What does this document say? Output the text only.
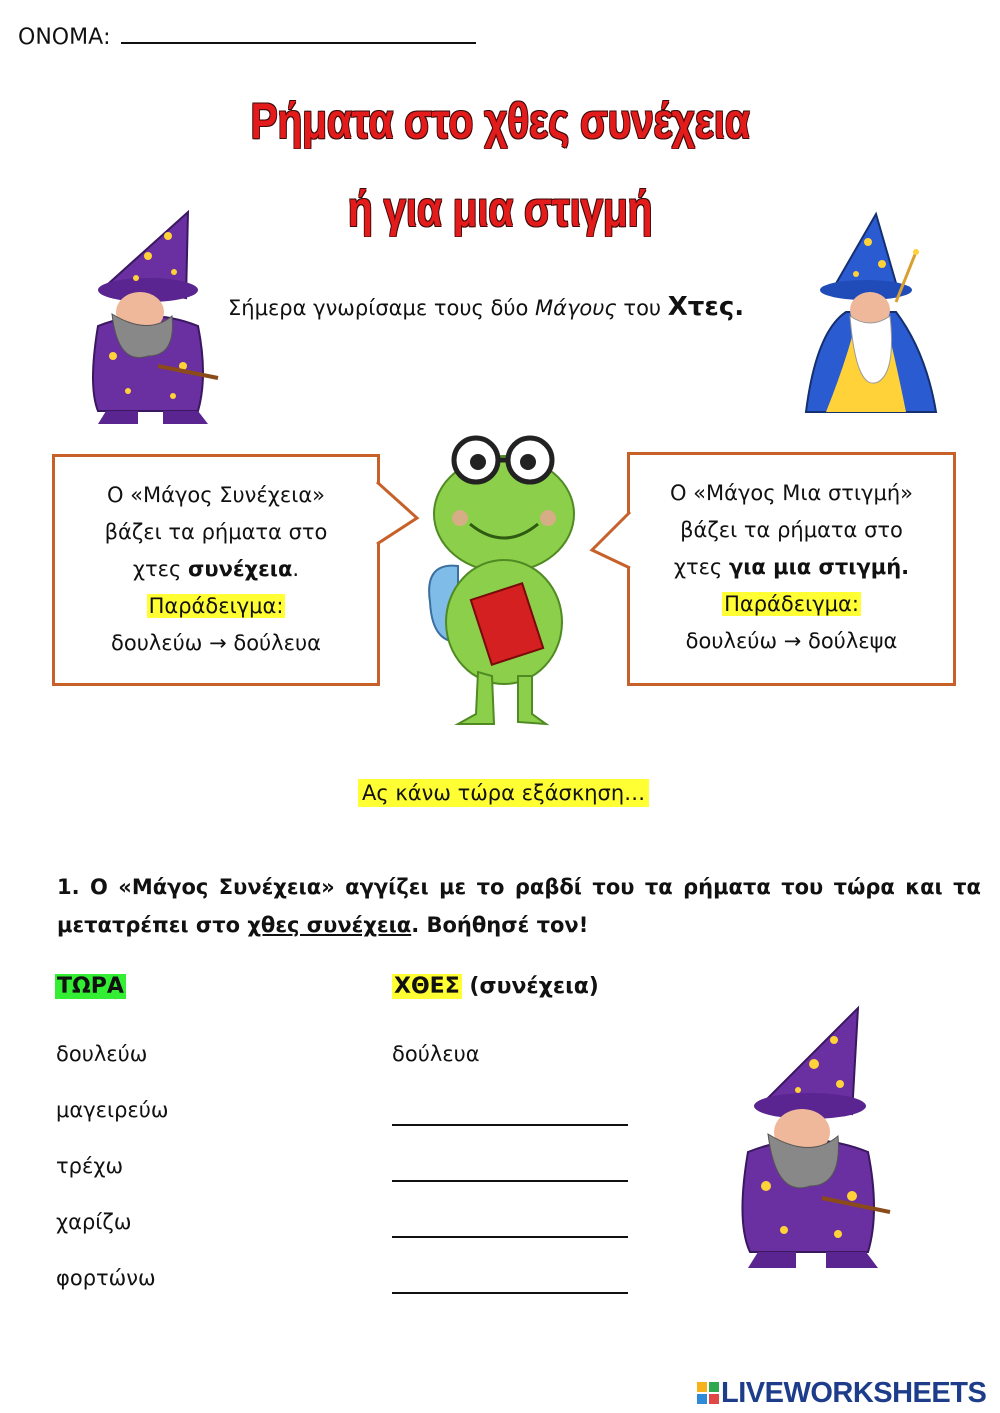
ΟΝΟΜΑ:
Ρήματα στο χθες συνέχεια
ή για μια στιγμή
Σήμερα γνωρίσαμε τους δύο Μάγους του Χτες.
Ο «Μάγος Συνέχεια»
βάζει τα ρήματα στο
χτες συνέχεια.
Παράδειγμα:
δουλεύω → δούλευα
Ο «Μάγος Μια στιγμή»
βάζει τα ρήματα στο
χτες για μια στιγμή.
Παράδειγμα:
δουλεύω → δούλεψα
Ας κάνω τώρα εξάσκηση…
1. Ο «Μάγος Συνέχεια» αγγίζει με το ραβδί του τα ρήματα του τώρα και τα μετατρέπει στο χθες συνέχεια. Βοήθησέ τον!
ΤΩΡΑ	ΧΘΕΣ (συνέχεια)
δουλεύω
μαγειρεύω
τρέχω
χαρίζω
φορτώνω
δούλευα
LIVEWORKSHEETS
